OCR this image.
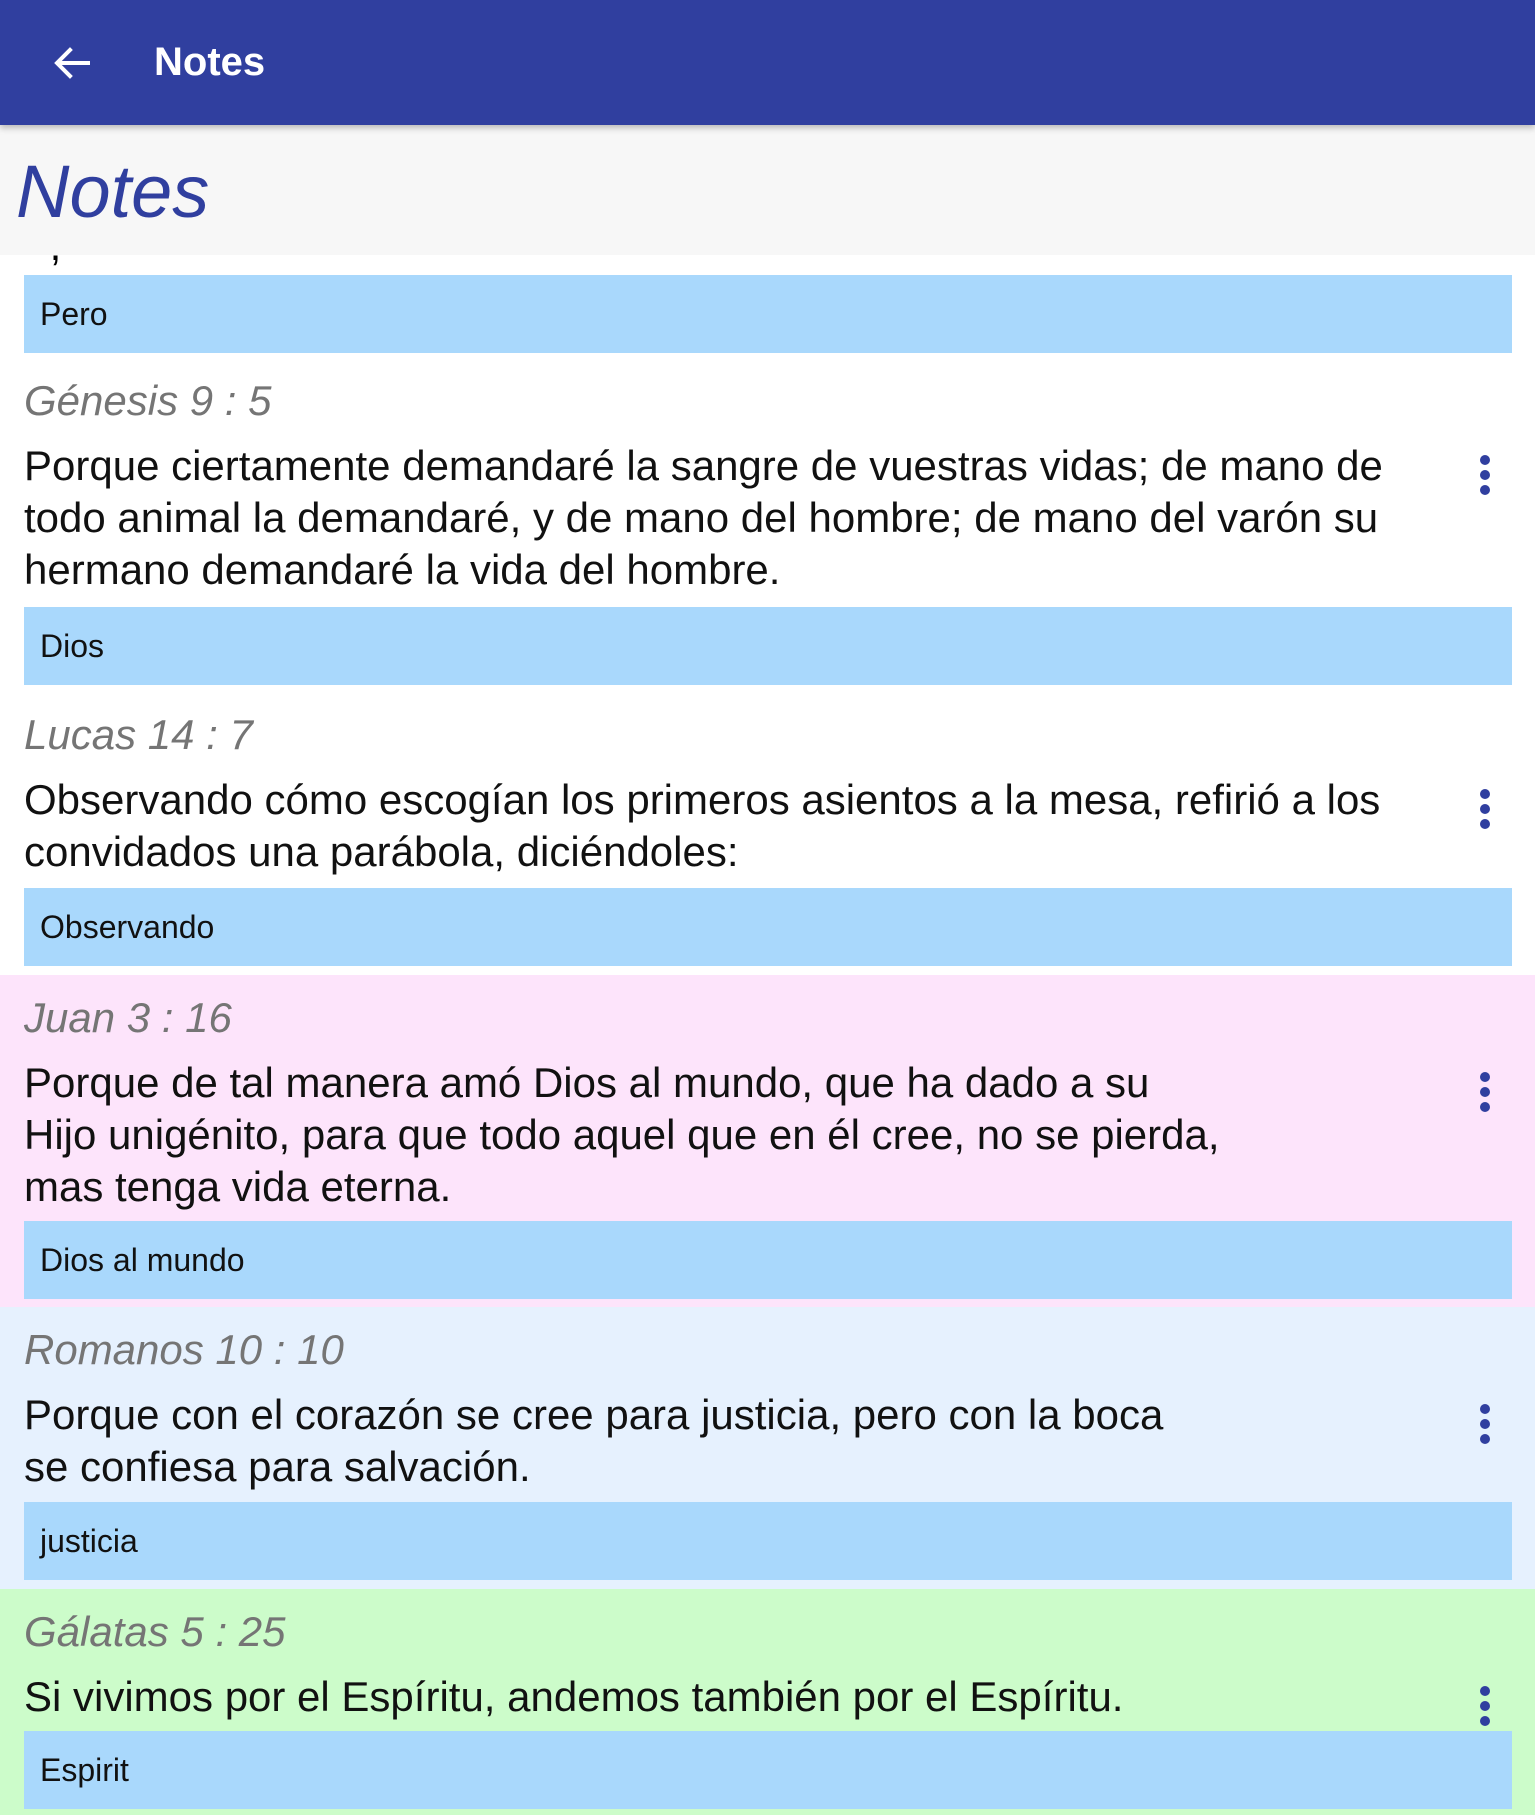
Pero
Génesis 9 : 5
Porque ciertamente demandaré la sangre de vuestras vidas; de mano de todo animal la demandaré, y de mano del hombre; de mano del varón su hermano demandaré la vida del hombre.
Dios
Lucas 14 : 7
Observando cómo escogían los primeros asientos a la mesa, refirió a los convidados una parábola, diciéndoles:
Observando
Juan 3 : 16
Porque de tal manera amó Dios al mundo, que ha dado a su
Hijo unigénito, para que todo aquel que en él cree, no se pierda,
mas tenga vida eterna.
Dios al mundo
Romanos 10 : 10
Porque con el corazón se cree para justicia, pero con la boca
se confiesa para salvación.
justicia
Gálatas 5 : 25
Si vivimos por el Espíritu, andemos también por el Espíritu.
Espirit
Notes
Notes
